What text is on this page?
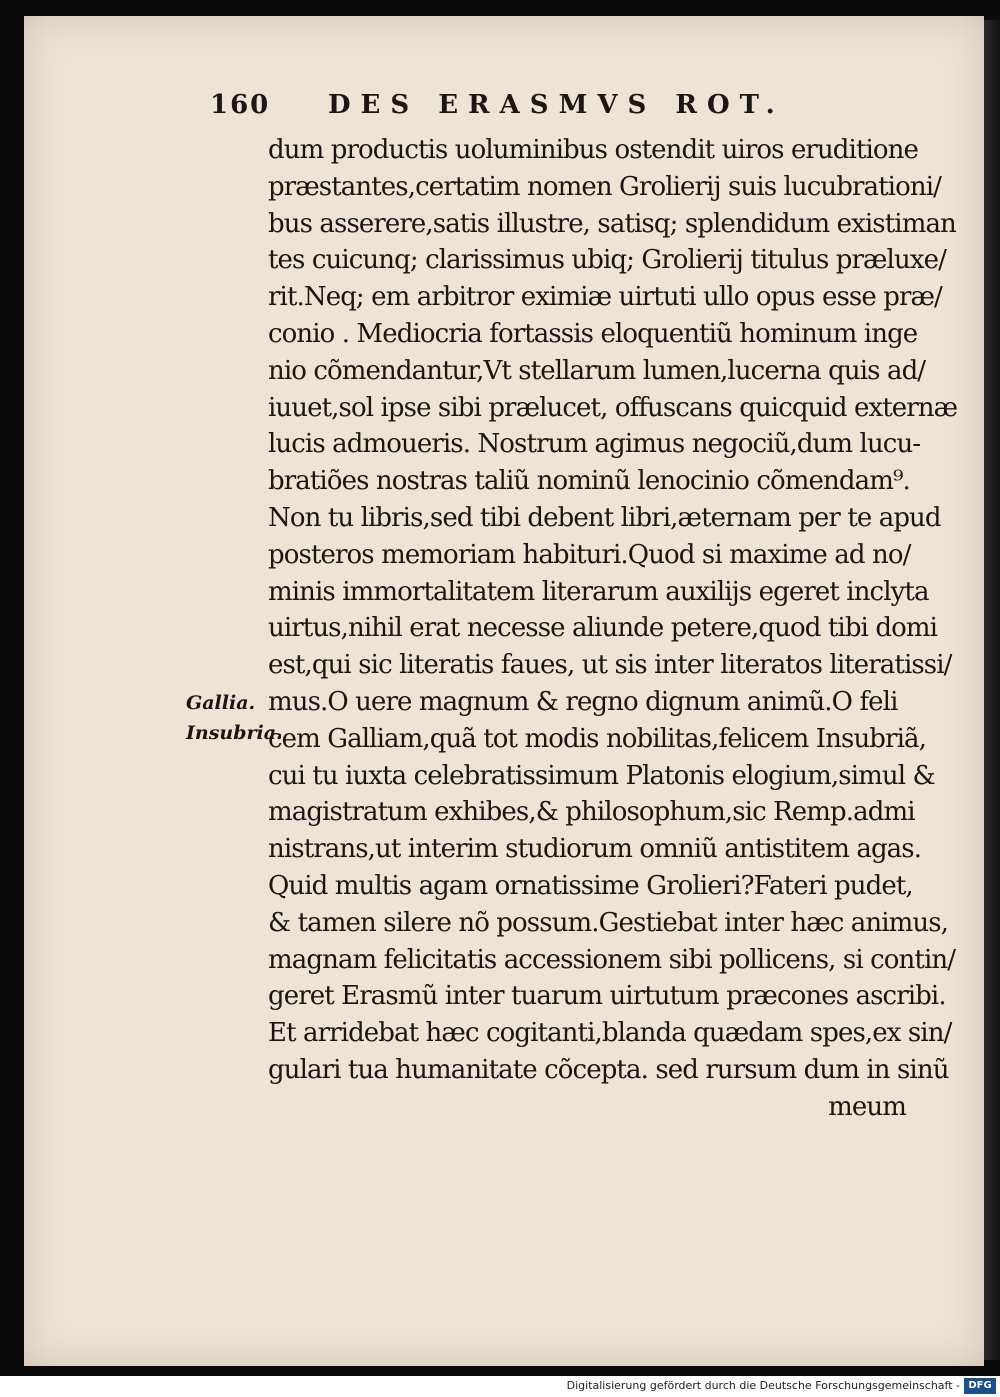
160 DES ERASMVS ROT.
dum productis uoluminibus ostendit uiros eruditione
præstantes,certatim nomen Grolierij suis lucubrationi/
bus asserere,satis illustre, satisq; splendidum existiman
tes cuicunq; clarissimus ubiq; Grolierij titulus præluxe/
rit.Neq; em arbitror eximiæ uirtuti ullo opus esse præ/
conio . Mediocria fortassis eloquentiũ hominum inge
nio cõmendantur,Vt stellarum lumen,lucerna quis ad/
iuuet,sol ipse sibi prælucet, offuscans quicquid externæ
lucis admoueris. Nostrum agimus negociũ,dum lucu-
bratiões nostras taliũ nominũ lenocinio cõmendam⁹.
Non tu libris,sed tibi debent libri,æternam per te apud
posteros memoriam habituri.Quod si maxime ad no/
minis immortalitatem literarum auxilijs egeret inclyta
uirtus,nihil erat necesse aliunde petere,quod tibi domi
est,qui sic literatis faues, ut sis inter literatos literatissi/
mus.O uere magnum & regno dignum animũ.O feli
cem Galliam,quã tot modis nobilitas,felicem Insubriã,
cui tu iuxta celebratissimum Platonis elogium,simul &
magistratum exhibes,& philosophum,sic Remp.admi
nistrans,ut interim studiorum omniũ antistitem agas.
Quid multis agam ornatissime Grolieri?Fateri pudet,
& tamen silere nõ possum.Gestiebat inter hæc animus,
magnam felicitatis accessionem sibi pollicens, si contin/
geret Erasmũ inter tuarum uirtutum præcones ascribi.
Et arridebat hæc cogitanti,blanda quædam spes,ex sin/
gulari tua humanitate cõcepta. sed rursum dum in sinũ
meum
Gallia.
Insubria.
Digitalisierung gefördert durch die Deutsche Forschungsgemeinschaft - DFG
